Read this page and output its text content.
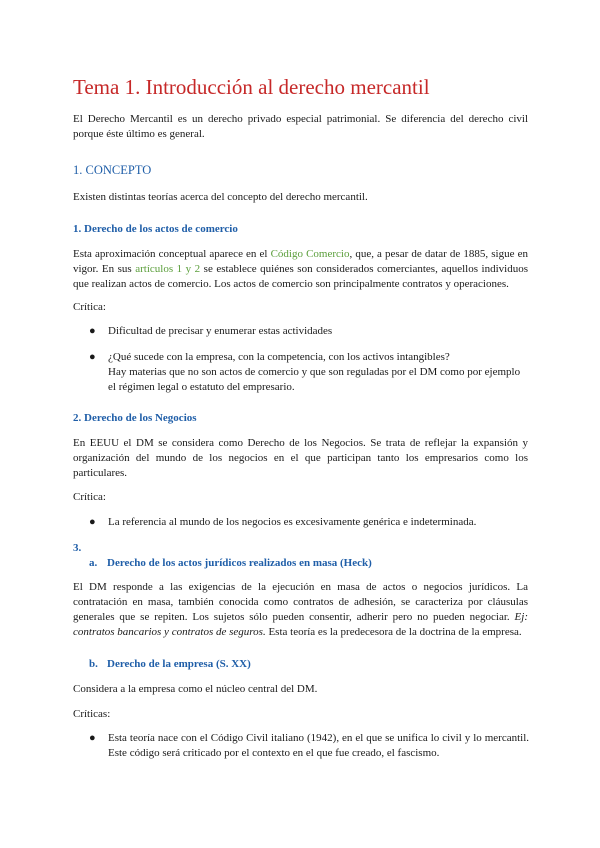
Tema 1. Introducción al derecho mercantil

El Derecho Mercantil es un derecho privado especial patrimonial. Se diferencia del derecho civil porque éste último es general.

1. CONCEPTO

Existen distintas teorías acerca del concepto del derecho mercantil.

1. Derecho de los actos de comercio

Esta aproximación conceptual aparece en el Código Comercio, que, a pesar de datar de 1885, sigue en vigor. En sus artículos 1 y 2 se establece quiénes son considerados comerciantes, aquellos individuos que realizan actos de comercio. Los actos de comercio son principalmente contratos y operaciones.

Crítica:

●	Dificultad de precisar y enumerar estas actividades
●	¿Qué sucede con la empresa, con la competencia, con los activos intangibles?
Hay materias que no son actos de comercio y que son reguladas por el DM como por ejemplo el régimen legal o estatuto del empresario.
2. Derecho de los Negocios

En EEUU el DM se considera como Derecho de los Negocios. Se trata de reflejar la expansión y organización del mundo de los negocios en el que participan tanto los empresarios como los particulares.

Crítica:

●	La referencia al mundo de los negocios es excesivamente genérica e indeterminada.
3.
a. Derecho de los actos jurídicos realizados en masa (Heck)

El DM responde a las exigencias de la ejecución en masa de actos o negocios jurídicos. La contratación en masa, también conocida como contratos de adhesión, se caracteriza por cláusulas generales que se repiten. Los sujetos sólo pueden consentir, adherir pero no pueden negociar. Ej: contratos bancarios y contratos de seguros. Esta teoría es la predecesora de la doctrina de la empresa.

b. Derecho de la empresa (S. XX)

Considera a la empresa como el núcleo central del DM.

Críticas:

●	Esta teoría nace con el Código Civil italiano (1942), en el que se unifica lo civil y lo mercantil. Este código será criticado por el contexto en el que fue creado, el fascismo.
